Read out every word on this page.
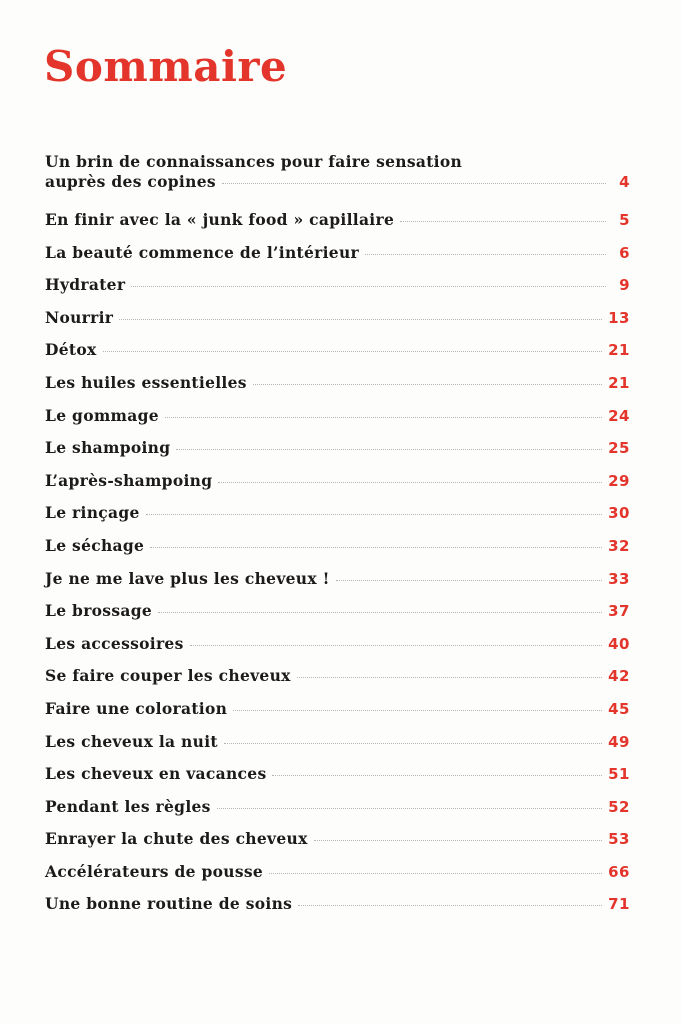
Sommaire
Un brin de connaissances pour faire sensation
auprès des copines	4
En finir avec la « junk food » capillaire	5
La beauté commence de l’intérieur	6
Hydrater	9
Nourrir	13
Détox	21
Les huiles essentielles	21
Le gommage	24
Le shampoing	25
L’après-shampoing	29
Le rinçage	30
Le séchage	32
Je ne me lave plus les cheveux !	33
Le brossage	37
Les accessoires	40
Se faire couper les cheveux	42
Faire une coloration	45
Les cheveux la nuit	49
Les cheveux en vacances	51
Pendant les règles	52
Enrayer la chute des cheveux	53
Accélérateurs de pousse	66
Une bonne routine de soins	71
